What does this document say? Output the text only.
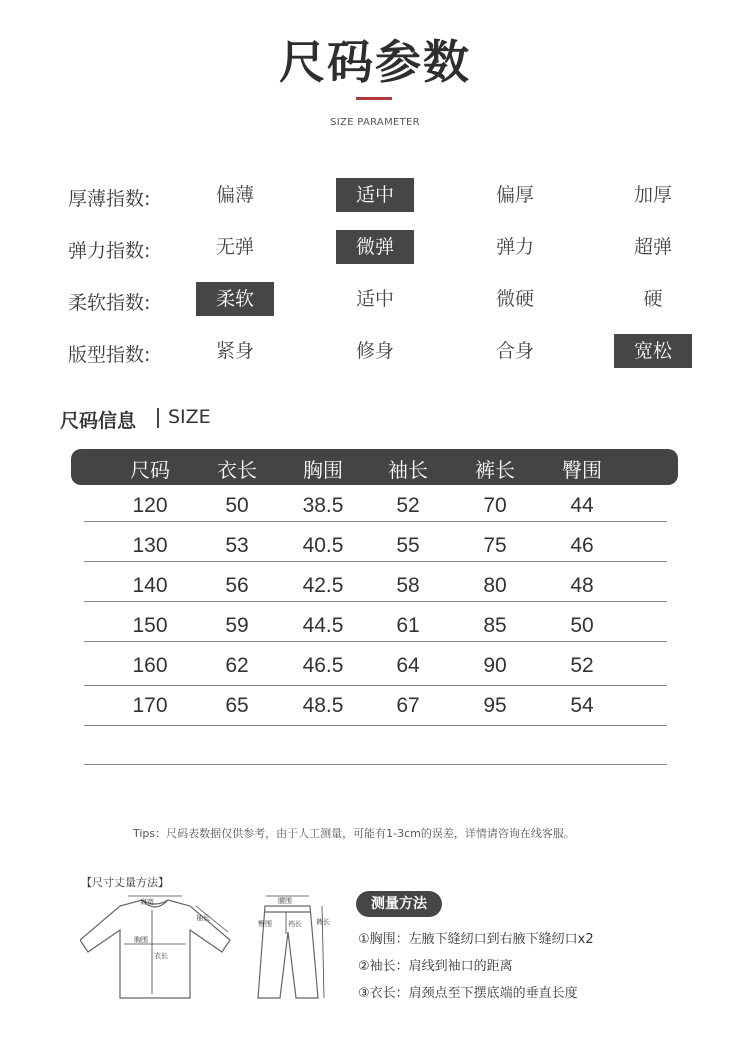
尺码参数
SIZE PARAMETER
厚薄指数:	偏薄	适中	偏厚	加厚
弹力指数:	无弹	微弹	弹力	超弹
柔软指数:	柔软	适中	微硬	硬
版型指数:	紧身	修身	合身	宽松
尺码信息 SIZE
尺码	衣长	胸围	袖长	裤长	臀围
120	50	38.5	52	70	44
130	53	40.5	55	75	46
140	56	42.5	58	80	48
150	59	44.5	61	85	50
160	62	46.5	64	90	52
170	65	48.5	67	95	54
Tips：尺码表数据仅供参考，由于人工测量，可能有1-3cm的误差，详情请咨询在线客服。
【尺寸丈量方法】
肩宽
袖长
胸围
衣长
腰围
臀围 裆长 裤长
测量方法
①胸围：左腋下缝纫口到右腋下缝纫口x2
②袖长：肩线到袖口的距离
③衣长：肩颈点至下摆底端的垂直长度
